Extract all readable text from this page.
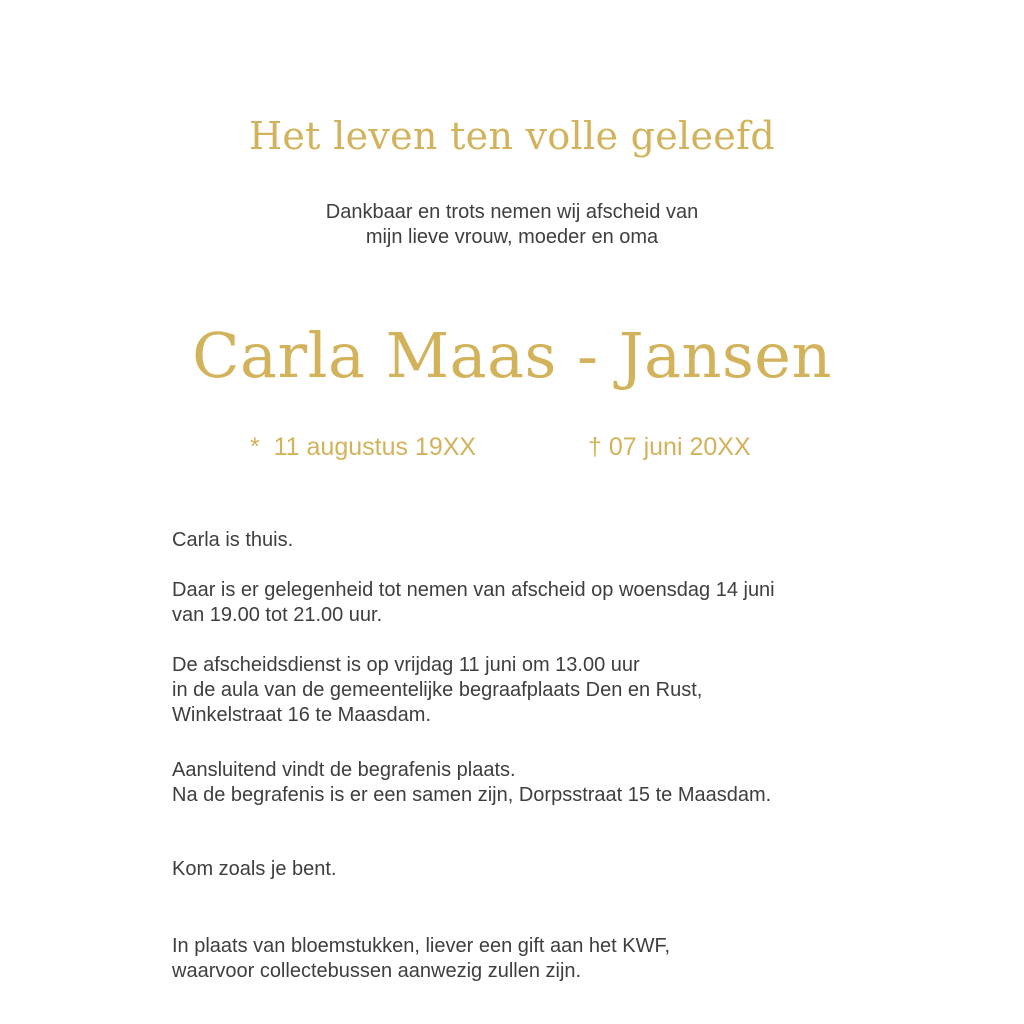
Het leven ten volle geleefd
Dankbaar en trots nemen wij afscheid van
mijn lieve vrouw, moeder en oma
Carla Maas - Jansen
*  11 augustus 19XX	† 07 juni 20XX
Carla is thuis.
Daar is er gelegenheid tot nemen van afscheid op woensdag 14 juni
van 19.00 tot 21.00 uur.
De afscheidsdienst is op vrijdag 11 juni om 13.00 uur
in de aula van de gemeentelijke begraafplaats Den en Rust,
Winkelstraat 16 te Maasdam.
Aansluitend vindt de begrafenis plaats.
Na de begrafenis is er een samen zijn, Dorpsstraat 15 te Maasdam.
Kom zoals je bent.
In plaats van bloemstukken, liever een gift aan het KWF,
waarvoor collectebussen aanwezig zullen zijn.
